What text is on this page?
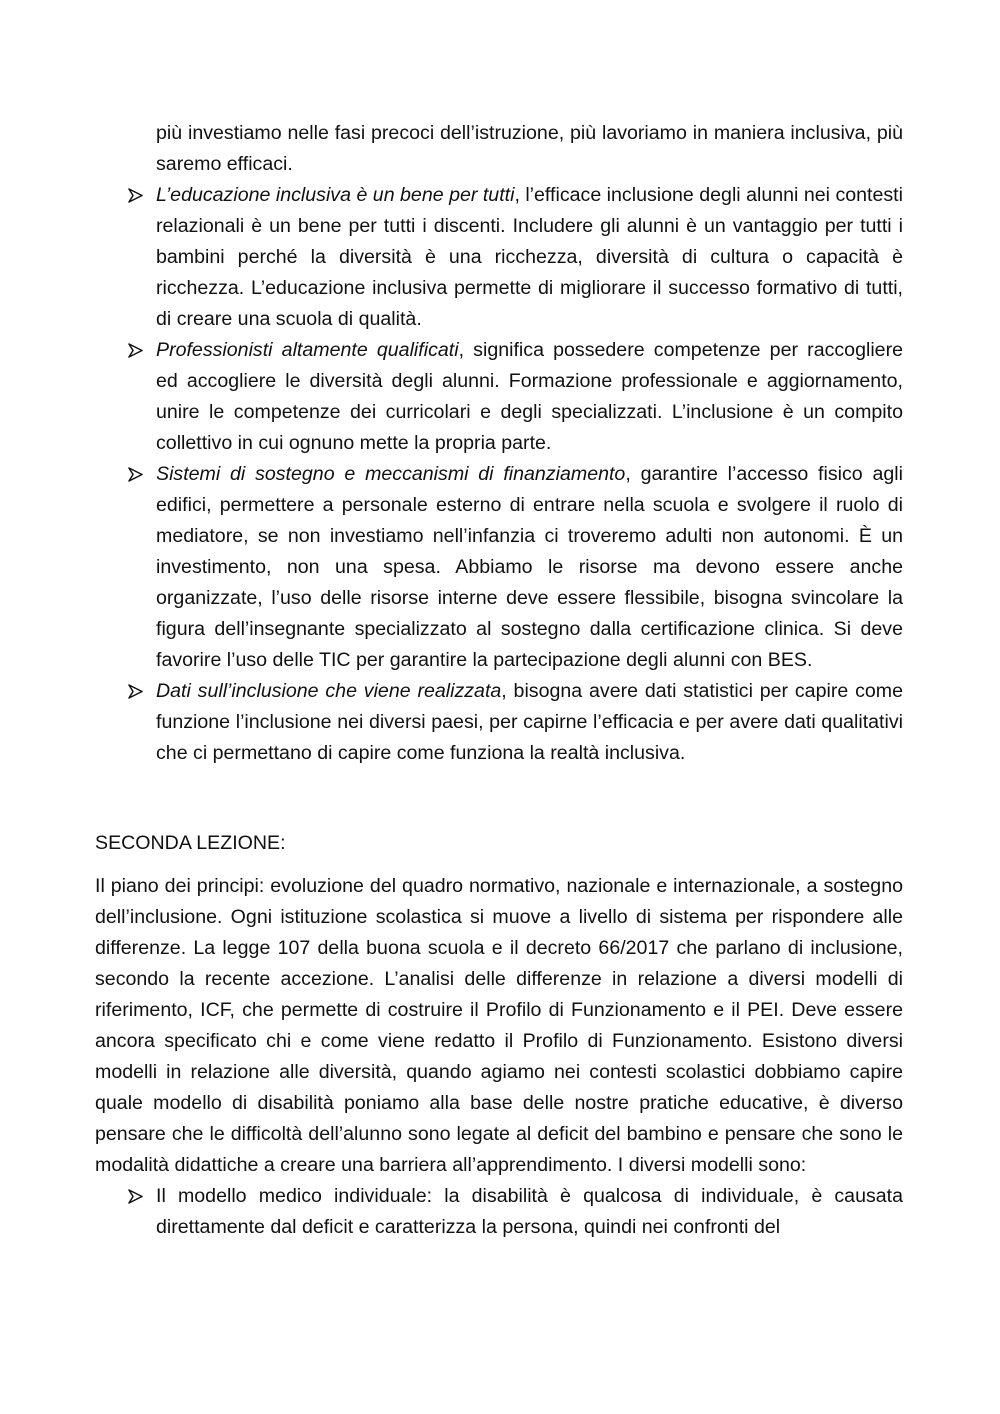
più investiamo nelle fasi precoci dell’istruzione, più lavoriamo in maniera inclusiva, più saremo efficaci.

L’educazione inclusiva è un bene per tutti, l’efficace inclusione degli alunni nei contesti relazionali è un bene per tutti i discenti. Includere gli alunni è un vantaggio per tutti i bambini perché la diversità è una ricchezza, diversità di cultura o capacità è ricchezza. L’educazione inclusiva permette di migliorare il successo formativo di tutti, di creare una scuola di qualità.
Professionisti altamente qualificati, significa possedere competenze per raccogliere ed accogliere le diversità degli alunni. Formazione professionale e aggiornamento, unire le competenze dei curricolari e degli specializzati. L’inclusione è un compito collettivo in cui ognuno mette la propria parte.
Sistemi di sostegno e meccanismi di finanziamento, garantire l’accesso fisico agli edifici, permettere a personale esterno di entrare nella scuola e svolgere il ruolo di mediatore, se non investiamo nell’infanzia ci troveremo adulti non autonomi. È un investimento, non una spesa. Abbiamo le risorse ma devono essere anche organizzate, l’uso delle risorse interne deve essere flessibile, bisogna svincolare la figura dell’insegnante specializzato al sostegno dalla certificazione clinica. Si deve favorire l’uso delle TIC per garantire la partecipazione degli alunni con BES.
Dati sull’inclusione che viene realizzata, bisogna avere dati statistici per capire come funzione l’inclusione nei diversi paesi, per capirne l’efficacia e per avere dati qualitativi che ci permettano di capire come funziona la realtà inclusiva.

SECONDA LEZIONE:

Il piano dei principi: evoluzione del quadro normativo, nazionale e internazionale, a sostegno dell’inclusione. Ogni istituzione scolastica si muove a livello di sistema per rispondere alle differenze. La legge 107 della buona scuola e il decreto 66/2017 che parlano di inclusione, secondo la recente accezione. L’analisi delle differenze in relazione a diversi modelli di riferimento, ICF, che permette di costruire il Profilo di Funzionamento e il PEI. Deve essere ancora specificato chi e come viene redatto il Profilo di Funzionamento. Esistono diversi modelli in relazione alle diversità, quando agiamo nei contesti scolastici dobbiamo capire quale modello di disabilità poniamo alla base delle nostre pratiche educative, è diverso pensare che le difficoltà dell’alunno sono legate al deficit del bambino e pensare che sono le modalità didattiche a creare una barriera all’apprendimento. I diversi modelli sono:

Il modello medico individuale: la disabilità è qualcosa di individuale, è causata direttamente dal deficit e caratterizza la persona, quindi nei confronti del
